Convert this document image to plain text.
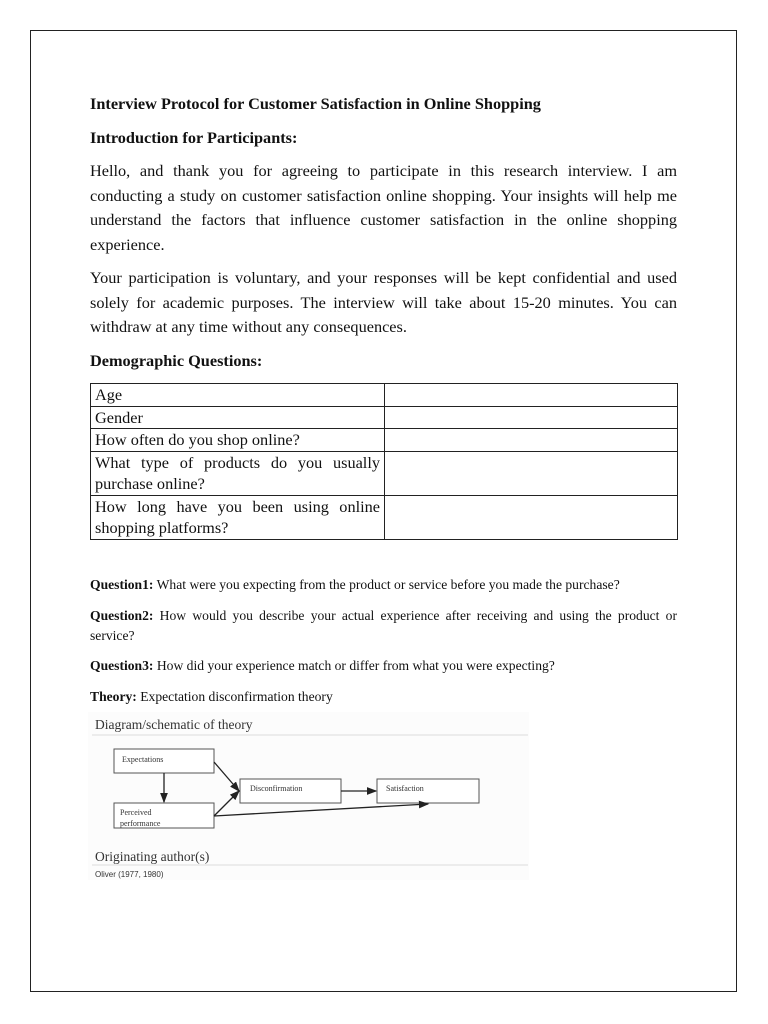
Interview Protocol for Customer Satisfaction in Online Shopping

Introduction for Participants:

Hello, and thank you for agreeing to participate in this research interview. I am conducting a study on customer satisfaction online shopping. Your insights will help me understand the factors that influence customer satisfaction in the online shopping experience.

Your participation is voluntary, and your responses will be kept confidential and used solely for academic purposes. The interview will take about 15-20 minutes. You can withdraw at any time without any consequences.

Demographic Questions:

Age	
Gender	
How often do you shop online?	
What type of products do you usually purchase online?	
How long have you been using online shopping platforms?	

Question1: What were you expecting from the product or service before you made the purchase?

Question2: How would you describe your actual experience after receiving and using the product or service?

Question3: How did your experience match or differ from what you were expecting?

Theory: Expectation disconfirmation theory

Diagram/schematic of theory
Expectations
Perceived
performance
Disconfirmation	Satisfaction
Originating author(s)
Oliver (1977, 1980)
